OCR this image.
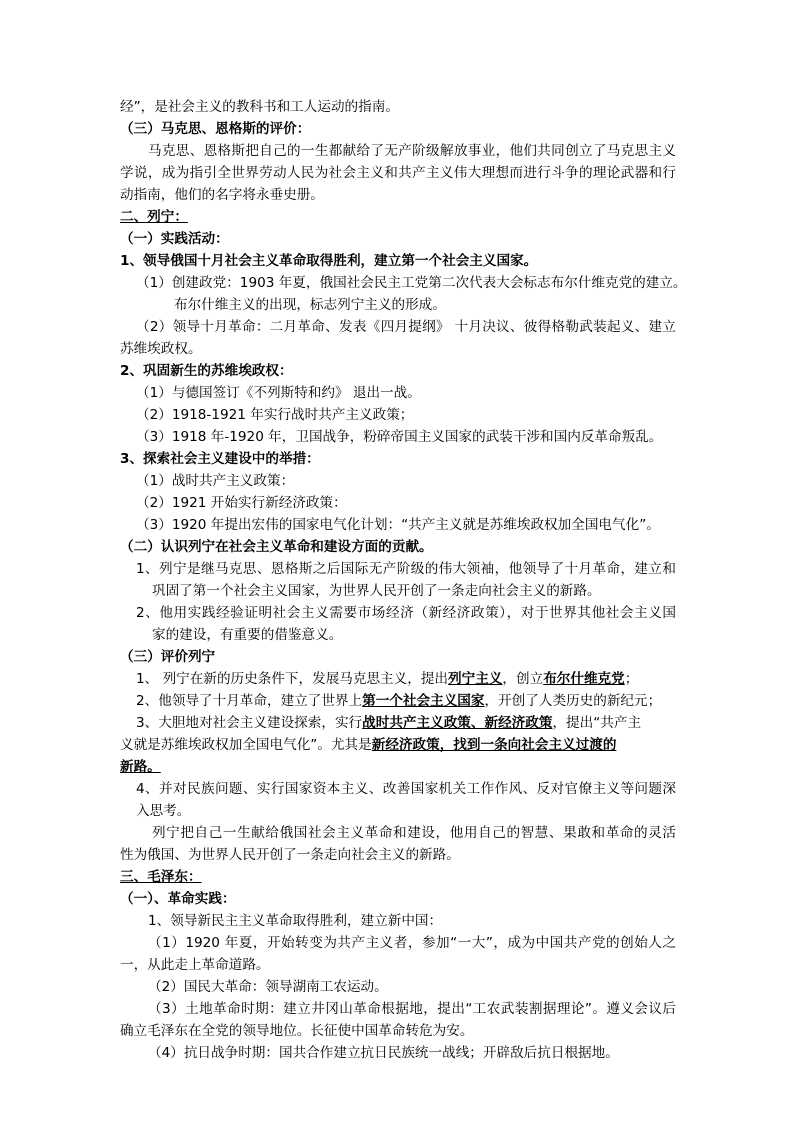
经”，是社会主义的教科书和工人运动的指南。
（三）马克思、恩格斯的评价：
马克思、恩格斯把自己的一生都献给了无产阶级解放事业，他们共同创立了马克思主义
学说，成为指引全世界劳动人民为社会主义和共产主义伟大理想而进行斗争的理论武器和行
动指南，他们的名字将永垂史册。
二、列宁：
（一）实践活动：
1、领导俄国十月社会主义革命取得胜利，建立第一个社会主义国家。
（1）创建政党：1903 年夏，俄国社会民主工党第二次代表大会标志布尔什维克党的建立。
布尔什维主义的出现，标志列宁主义的形成。
（2）领导十月革命：二月革命、发表《四月提纲》 十月决议、彼得格勒武装起义、建立
苏维埃政权。
2、巩固新生的苏维埃政权：
（1）与德国签订《不列斯特和约》 退出一战。
（2）1918-1921 年实行战时共产主义政策；
（3）1918 年-1920 年，卫国战争，粉碎帝国主义国家的武装干涉和国内反革命叛乱。
3、探索社会主义建设中的举措：
（1）战时共产主义政策：
（2）1921 开始实行新经济政策：
（3）1920 年提出宏伟的国家电气化计划：“共产主义就是苏维埃政权加全国电气化”。
（二）认识列宁在社会主义革命和建设方面的贡献。
1、列宁是继马克思、恩格斯之后国际无产阶级的伟大领袖，他领导了十月革命，建立和
巩固了第一个社会主义国家，为世界人民开创了一条走向社会主义的新路。
2、他用实践经验证明社会主义需要市场经济（新经济政策），对于世界其他社会主义国
家的建设，有重要的借鉴意义。
（三）评价列宁
1、 列宁在新的历史条件下，发展马克思主义，提出列宁主义，创立布尔什维克党；
2、他领导了十月革命，建立了世界上第一个社会主义国家，开创了人类历史的新纪元；
3、大胆地对社会主义建设探索，实行战时共产主义政策、新经济政策，提出“共产主
义就是苏维埃政权加全国电气化”。尤其是新经济政策，找到一条向社会主义过渡的
新路。
4、并对民族问题、实行国家资本主义、改善国家机关工作作风、反对官僚主义等问题深
入思考。
列宁把自己一生献给俄国社会主义革命和建设，他用自己的智慧、果敢和革命的灵活
性为俄国、为世界人民开创了一条走向社会主义的新路。
三、毛泽东：
（一）、革命实践：
1、领导新民主主义革命取得胜利，建立新中国：
（1）1920 年夏，开始转变为共产主义者，参加“一大”，成为中国共产党的创始人之
一，从此走上革命道路。
（2）国民大革命：领导湖南工农运动。
（3）土地革命时期：建立井冈山革命根据地，提出“工农武装割据理论”。遵义会议后
确立毛泽东在全党的领导地位。长征使中国革命转危为安。
（4）抗日战争时期：国共合作建立抗日民族统一战线；开辟敌后抗日根据地。
